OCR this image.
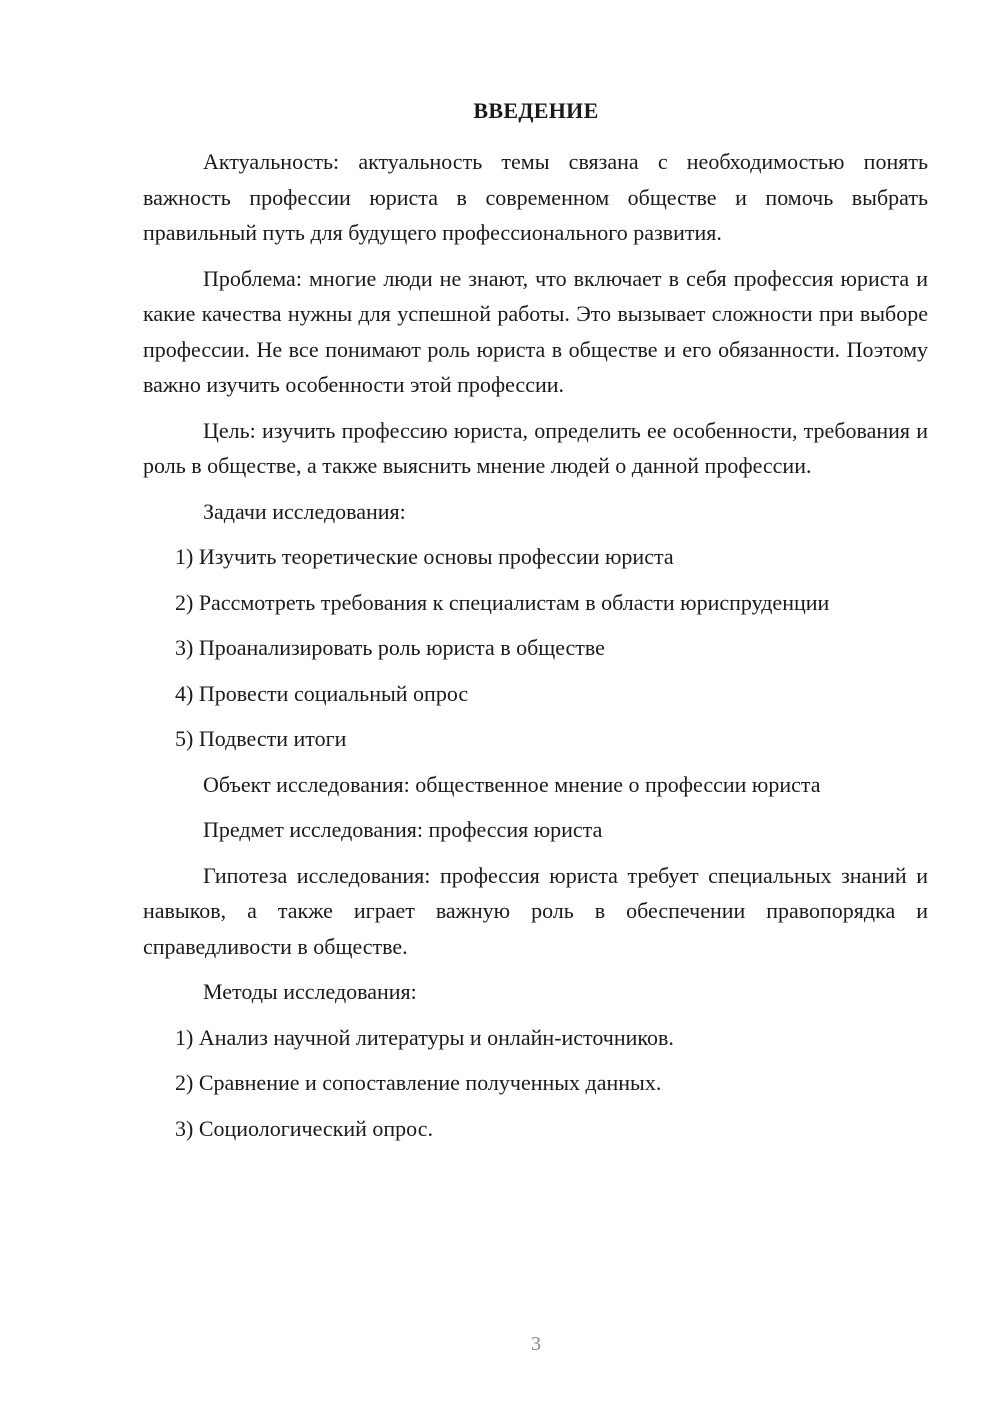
ВВЕДЕНИЕ

Актуальность: актуальность темы связана с необходимостью понять важность профессии юриста в современном обществе и помочь выбрать правильный путь для будущего профессионального развития.

Проблема: многие люди не знают, что включает в себя профессия юриста и какие качества нужны для успешной работы. Это вызывает сложности при выборе профессии. Не все понимают роль юриста в обществе и его обязанности. Поэтому важно изучить особенности этой профессии.

Цель: изучить профессию юриста, определить ее особенности, требования и роль в обществе, а также выяснить мнение людей о данной профессии.

Задачи исследования:

1) Изучить теоретические основы профессии юриста

2) Рассмотреть требования к специалистам в области юриспруденции

3) Проанализировать роль юриста в обществе

4) Провести социальный опрос

5) Подвести итоги

Объект исследования: общественное мнение о профессии юриста

Предмет исследования: профессия юриста

Гипотеза исследования: профессия юриста требует специальных знаний и навыков, а также играет важную роль в обеспечении правопорядка и справедливости в обществе.

Методы исследования:

1) Анализ научной литературы и онлайн-источников.

2) Сравнение и сопоставление полученных данных.

3) Социологический опрос.

3
